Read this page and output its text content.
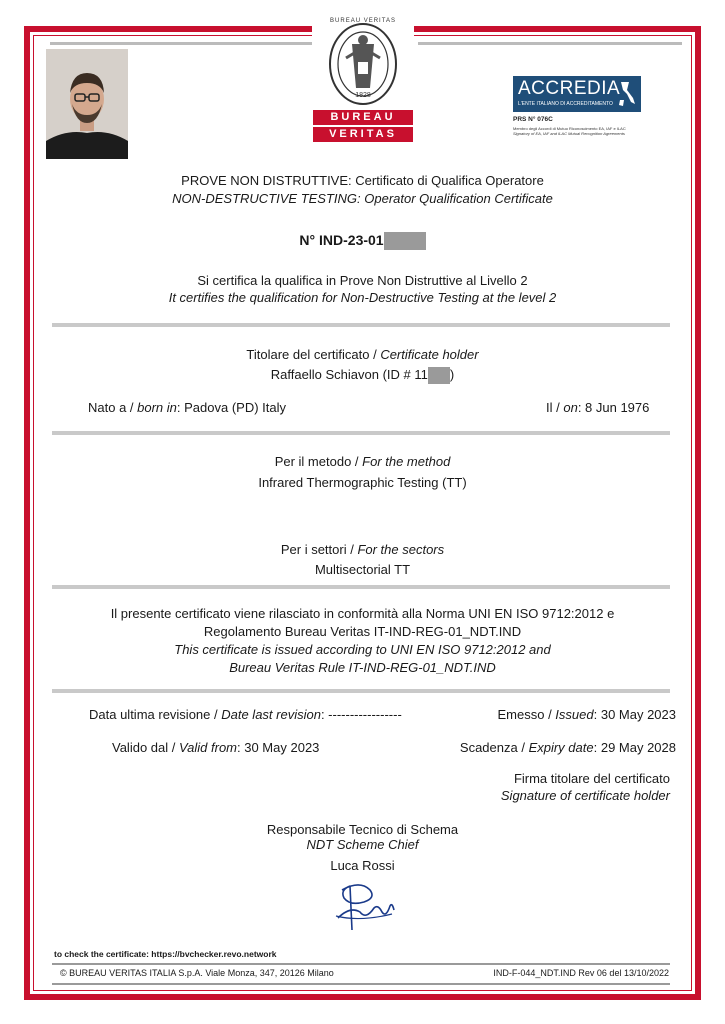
BUREAU VERITAS
1828
BUREAU
VERITAS
ACCREDIA
L'ENTE ITALIANO DI ACCREDITAMENTO
PRS N° 076C
Membro degli Accordi di Mutuo Riconoscimento EA, IAF e ILAC
Signatory of EA, IAF and ILAC Mutual Recognition Agreements
PROVE NON DISTRUTTIVE: Certificato di Qualifica Operatore
NON-DESTRUCTIVE TESTING: Operator Qualification Certificate
N° IND-23-01
Si certifica la qualifica in Prove Non Distruttive al Livello 2
It certifies the qualification for Non-Destructive Testing at the level 2
Titolare del certificato / Certificate holder
Raffaello Schiavon (ID # 11 )
Nato a / born in: Padova (PD) Italy	Il / on: 8 Jun 1976
Per il metodo / For the method
Infrared Thermographic Testing (TT)
Per i settori / For the sectors
Multisectorial TT
Il presente certificato viene rilasciato in conformità alla Norma UNI EN ISO 9712:2012 e
Regolamento Bureau Veritas IT-IND-REG-01_NDT.IND
This certificate is issued according to UNI EN ISO 9712:2012 and
Bureau Veritas Rule IT-IND-REG-01_NDT.IND
Data ultima revisione / Date last revision: -----------------	Emesso / Issued: 30 May 2023
Valido dal / Valid from: 30 May 2023	Scadenza / Expiry date: 29 May 2028
Firma titolare del certificato
Signature of certificate holder
Responsabile Tecnico di Schema
NDT Scheme Chief
Luca Rossi
to check the certificate: https://bvchecker.revo.network
© BUREAU VERITAS ITALIA S.p.A. Viale Monza, 347, 20126 Milano	IND-F-044_NDT.IND Rev 06 del 13/10/2022
